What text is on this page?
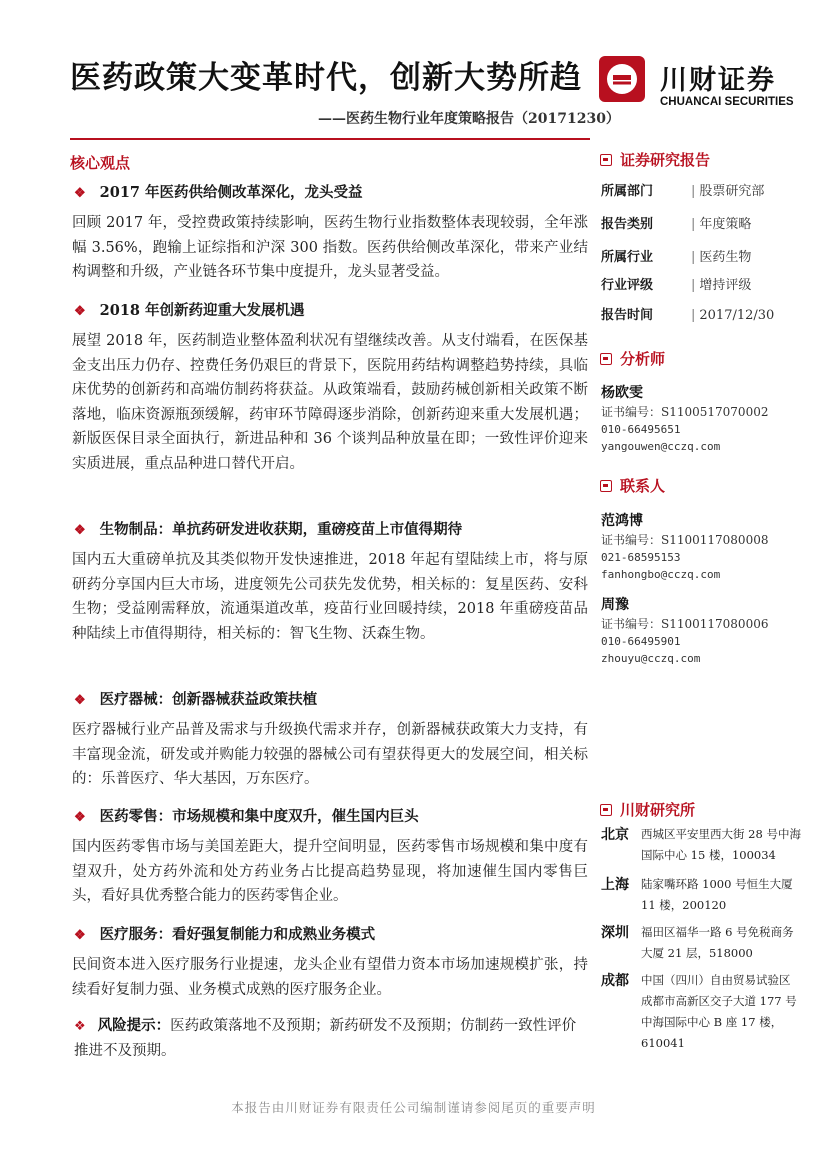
医药政策大变革时代，创新大势所趋
——医药生物行业年度策略报告（20171230）
川财证券
CHUANCAI SECURITIES
核心观点
❖ 2017 年医药供给侧改革深化，龙头受益
回顾 2017 年，受控费政策持续影响，医药生物行业指数整体表现较弱，全年涨幅 3.56%，跑输上证综指和沪深 300 指数。医药供给侧改革深化，带来产业结构调整和升级，产业链各环节集中度提升，龙头显著受益。
❖ 2018 年创新药迎重大发展机遇
展望 2018 年，医药制造业整体盈利状况有望继续改善。从支付端看，在医保基金支出压力仍存、控费任务仍艰巨的背景下，医院用药结构调整趋势持续，具临床优势的创新药和高端仿制药将获益。从政策端看，鼓励药械创新相关政策不断落地，临床资源瓶颈缓解，药审环节障碍逐步消除，创新药迎来重大发展机遇；新版医保目录全面执行，新进品种和 36 个谈判品种放量在即；一致性评价迎来实质进展，重点品种进口替代开启。
❖ 生物制品：单抗药研发进收获期，重磅疫苗上市值得期待
国内五大重磅单抗及其类似物开发快速推进，2018 年起有望陆续上市，将与原研药分享国内巨大市场，进度领先公司获先发优势，相关标的：复星医药、安科生物；受益刚需释放，流通渠道改革，疫苗行业回暖持续，2018 年重磅疫苗品种陆续上市值得期待，相关标的：智飞生物、沃森生物。
❖ 医疗器械：创新器械获益政策扶植
医疗器械行业产品普及需求与升级换代需求并存，创新器械获政策大力支持，有丰富现金流，研发或并购能力较强的器械公司有望获得更大的发展空间，相关标的：乐普医疗、华大基因，万东医疗。
❖ 医药零售：市场规模和集中度双升，催生国内巨头
国内医药零售市场与美国差距大，提升空间明显，医药零售市场规模和集中度有望双升，处方药外流和处方药业务占比提高趋势显现，将加速催生国内零售巨头，看好具优秀整合能力的医药零售企业。
❖ 医疗服务：看好强复制能力和成熟业务模式
民间资本进入医疗服务行业提速，龙头企业有望借力资本市场加速规模扩张，持续看好复制力强、业务模式成熟的医疗服务企业。
❖ 风险提示：医药政策落地不及预期；新药研发不及预期；仿制药一致性评价推进不及预期。
证券研究报告
所属部门	| 股票研究部
报告类别	| 年度策略
所属行业	| 医药生物
行业评级	| 增持评级
报告时间	| 2017/12/30
分析师
杨欧雯
证书编号：S1100517070002
010-66495651
yangouwen@cczq.com
联系人
范鸿博
证书编号：S1100117080008
021-68595153
fanhongbo@cczq.com
周豫
证书编号：S1100117080006
010-66495901
zhouyu@cczq.com
川财研究所
北京 西城区平安里西大街 28 号中海国际中心 15 楼，100034
上海 陆家嘴环路 1000 号恒生大厦 11 楼，200120
深圳 福田区福华一路 6 号免税商务大厦 21 层，518000
成都 中国（四川）自由贸易试验区成都市高新区交子大道 177 号中海国际中心 B 座 17 楼，610041
本报告由川财证券有限责任公司编制谨请参阅尾页的重要声明
